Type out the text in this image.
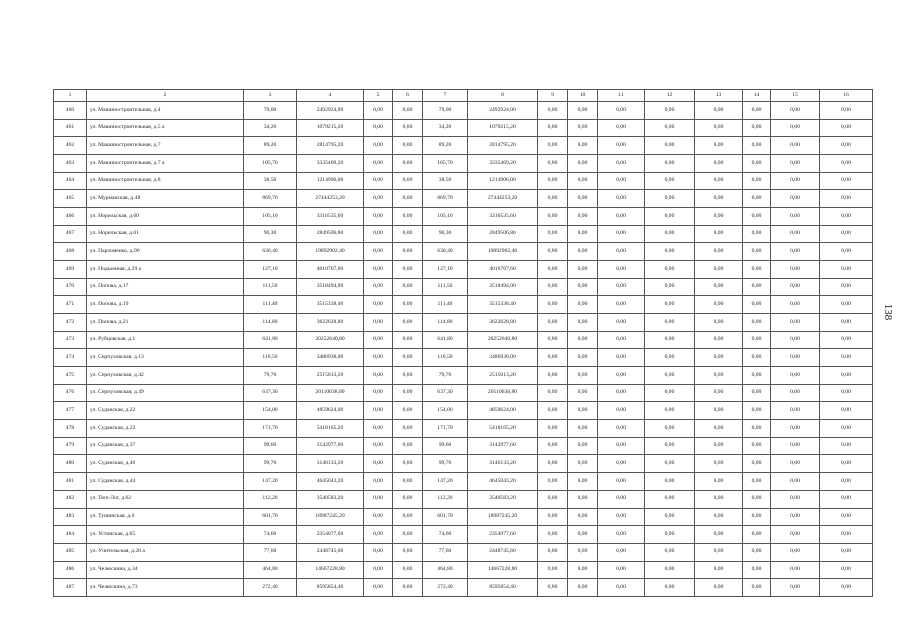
1	2	3	4	5	6	7	8	9	10	11	12	13	14	15	16
460	ул. Машиностроительная, д.4	79,00	2492924,00	0,00	0,00	79,00	2492924,00	0,00	0,00	0,00	0,00	0,00	0,00	0,00	0,00
461	ул. Машиностроительная, д.5 а	34,20	1079215,20	0,00	0,00	34,20	1079215,20	0,00	0,00	0,00	0,00	0,00	0,00	0,00	0,00
462	ул. Машиностроительная, д.7	89,20	2814795,20	0,00	0,00	89,20	2814795,20	0,00	0,00	0,00	0,00	0,00	0,00	0,00	0,00
463	ул. Машиностроительная, д.7 а	105,70	3335469,20	0,00	0,00	105,70	3335469,20	0,00	0,00	0,00	0,00	0,00	0,00	0,00	0,00
464	ул. Машиностроительная, д.8	38,50	1214906,00	0,00	0,00	38,50	1214906,00	0,00	0,00	0,00	0,00	0,00	0,00	0,00	0,00
465	ул. Мурманская, д.48	869,70	27444253,20	0,00	0,00	869,70	27444253,20	0,00	0,00	0,00	0,00	0,00	0,00	0,00	0,00
466	ул. Норильская, д.60	105,10	3316535,60	0,00	0,00	105,10	3316535,60	0,00	0,00	0,00	0,00	0,00	0,00	0,00	0,00
467	ул. Норильская, д.61	90,30	2849506,80	0,00	0,00	90,30	2849506,80	0,00	0,00	0,00	0,00	0,00	0,00	0,00	0,00
468	ул. Пархоменко, д.90	630,40	19892902,40	0,00	0,00	630,40	19892902,40	0,00	0,00	0,00	0,00	0,00	0,00	0,00	0,00
469	ул. Подъемная, д.29 а	127,10	4010767,60	0,00	0,00	127,10	4010767,60	0,00	0,00	0,00	0,00	0,00	0,00	0,00	0,00
470	ул. Попова, д.17	111,50	3518494,00	0,00	0,00	111,50	3518494,00	0,00	0,00	0,00	0,00	0,00	0,00	0,00	0,00
471	ул. Попова, д.19	111,40	3515338,40	0,00	0,00	111,40	3515338,40	0,00	0,00	0,00	0,00	0,00	0,00	0,00	0,00
472	ул. Попова, д.21	114,80	3622628,80	0,00	0,00	114,80	3622628,80	0,00	0,00	0,00	0,00	0,00	0,00	0,00	0,00
473	ул. Рубцовская, д.1	641,80	20252640,80	0,00	0,00	641,80	20252640,80	0,00	0,00	0,00	0,00	0,00	0,00	0,00	0,00
474	ул. Серпуховская, д.13	110,50	3486938,00	0,00	0,00	110,50	3486938,00	0,00	0,00	0,00	0,00	0,00	0,00	0,00	0,00
475	ул. Серпуховская, д.42	79,70	2515013,20	0,00	0,00	79,70	2515013,20	0,00	0,00	0,00	0,00	0,00	0,00	0,00	0,00
476	ул. Серпуховская, д.49	637,30	20110638,80	0,00	0,00	637,30	20110638,80	0,00	0,00	0,00	0,00	0,00	0,00	0,00	0,00
477	ул. Суданская, д.22	154,00	4859624,00	0,00	0,00	154,00	4859624,00	0,00	0,00	0,00	0,00	0,00	0,00	0,00	0,00
478	ул. Суданская, д.23	171,70	5418165,20	0,00	0,00	171,70	5418165,20	0,00	0,00	0,00	0,00	0,00	0,00	0,00	0,00
479	ул. Суданская, д.37	99,60	3142977,60	0,00	0,00	99,60	3142977,60	0,00	0,00	0,00	0,00	0,00	0,00	0,00	0,00
480	ул. Суданская, д.40	99,70	3146133,20	0,00	0,00	99,70	3146133,20	0,00	0,00	0,00	0,00	0,00	0,00	0,00	0,00
481	ул. Суданская, д.44	147,20	4645043,20	0,00	0,00	147,20	4645043,20	0,00	0,00	0,00	0,00	0,00	0,00	0,00	0,00
482	ул. Тюп-Лог, д.62	112,20	3540583,20	0,00	0,00	112,20	3540583,20	0,00	0,00	0,00	0,00	0,00	0,00	0,00	0,00
483	ул. Тушинская, д.6	601,70	18987245,20	0,00	0,00	601,70	18987245,20	0,00	0,00	0,00	0,00	0,00	0,00	0,00	0,00
484	ул. Устинская, д.65	74,60	2354077,60	0,00	0,00	74,60	2354077,60	0,00	0,00	0,00	0,00	0,00	0,00	0,00	0,00
485	ул. Учительская, д.28 а	77,60	2448745,60	0,00	0,00	77,60	2448745,60	0,00	0,00	0,00	0,00	0,00	0,00	0,00	0,00
486	ул. Челюскина, д.34	464,80	14667228,80	0,00	0,00	464,80	14667228,80	0,00	0,00	0,00	0,00	0,00	0,00	0,00	0,00
487	ул. Челюскина, д.73	272,40	8595854,40	0,00	0,00	272,40	8595854,40	0,00	0,00	0,00	0,00	0,00	0,00	0,00	0,00
138
